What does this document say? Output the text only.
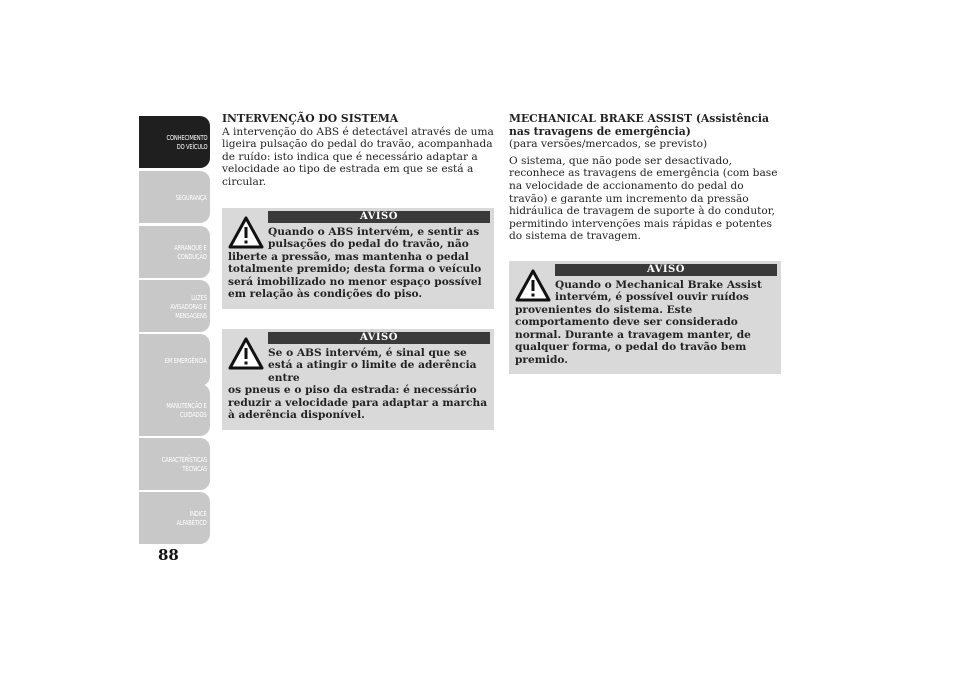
CONHECIMENTO
DO VEÍCULO
SEGURANÇA
ARRANQUE E
CONDUÇÃO
LUZES
AVISADORAS E
MENSAGENS
EM EMERGÊNCIA
MANUTENÇÃO E
CUIDADOS
CARACTERÍSTICAS
TÉCNICAS
ÍNDICE
ALFABÉTICO
88
INTERVENÇÃO DO SISTEMA

A intervenção do ABS é detectável através de uma ligeira pulsação do pedal do travão, acompanhada de ruído: isto indica que é necessário adaptar a velocidade ao tipo de estrada em que se está a circular.

AVISO
Quando o ABS intervém, e sentir as pulsações do pedal do travão, não
liberte a pressão, mas mantenha o pedal totalmente premido; desta forma o veículo será imobilizado no menor espaço possível em relação às condições do piso.
AVISO
Se o ABS intervém, é sinal que se está a atingir o limite de aderência entre
os pneus e o piso da estrada: é necessário reduzir a velocidade para adaptar a marcha à aderência disponível.
MECHANICAL BRAKE ASSIST (Assistência nas travagens de emergência)

(para versões/mercados, se previsto)

O sistema, que não pode ser desactivado, reconhece as travagens de emergência (com base na velocidade de accionamento do pedal do travão) e garante um incremento da pressão hidráulica de travagem de suporte à do condutor, permitindo intervenções mais rápidas e potentes do sistema de travagem.

AVISO
Quando o Mechanical Brake Assist intervém, é possível ouvir ruídos
provenientes do sistema. Este comportamento deve ser considerado normal. Durante a travagem manter, de qualquer forma, o pedal do travão bem premido.
